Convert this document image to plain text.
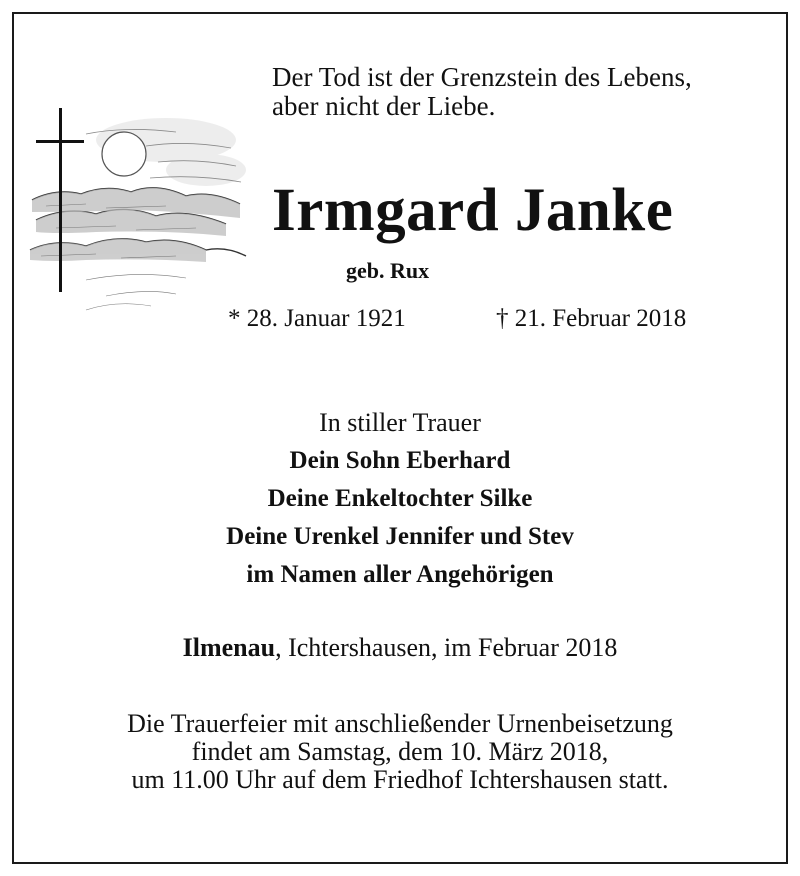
Der Tod ist der Grenzstein des Lebens,
aber nicht der Liebe.
Irmgard Janke
geb. Rux
* 28. Januar 1921	† 21. Februar 2018
In stiller Trauer
Dein Sohn Eberhard
Deine Enkeltochter Silke
Deine Urenkel Jennifer und Stev
im Namen aller Angehörigen
Ilmenau, Ichtershausen, im Februar 2018
Die Trauerfeier mit anschließender Urnenbeisetzung
findet am Samstag, dem 10. März 2018,
um 11.00 Uhr auf dem Friedhof Ichtershausen statt.
